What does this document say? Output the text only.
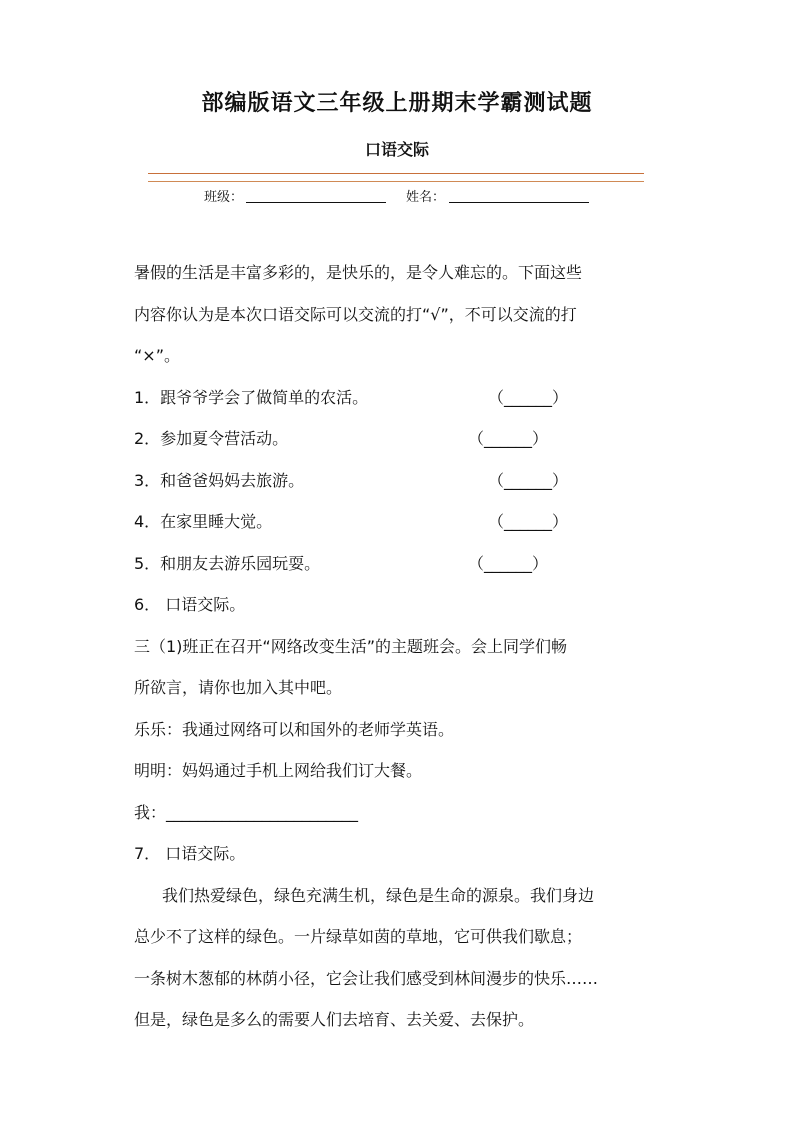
部编版语文三年级上册期末学霸测试题
口语交际
班级：	姓名：

暑假的生活是丰富多彩的，是快乐的，是令人难忘的。下面这些

内容你认为是本次口语交际可以交流的打“√”，不可以交流的打

“×”。

1．跟爷爷学会了做简单的农活。	（______）

2．参加夏令营活动。	（______）

3．和爸爸妈妈去旅游。	（______）

4．在家里睡大觉。	（______）

5．和朋友去游乐园玩耍。	（______）

6． 口语交际。

三（1)班正在召开“网络改变生活”的主题班会。会上同学们畅

所欲言，请你也加入其中吧。

乐乐：我通过网络可以和国外的老师学英语。

明明：妈妈通过手机上网给我们订大餐。

我：________________________

7． 口语交际。

我们热爱绿色，绿色充满生机，绿色是生命的源泉。我们身边

总少不了这样的绿色。一片绿草如茵的草地，它可供我们歇息；

一条树木葱郁的林荫小径，它会让我们感受到林间漫步的快乐……

但是，绿色是多么的需要人们去培育、去关爱、去保护。
